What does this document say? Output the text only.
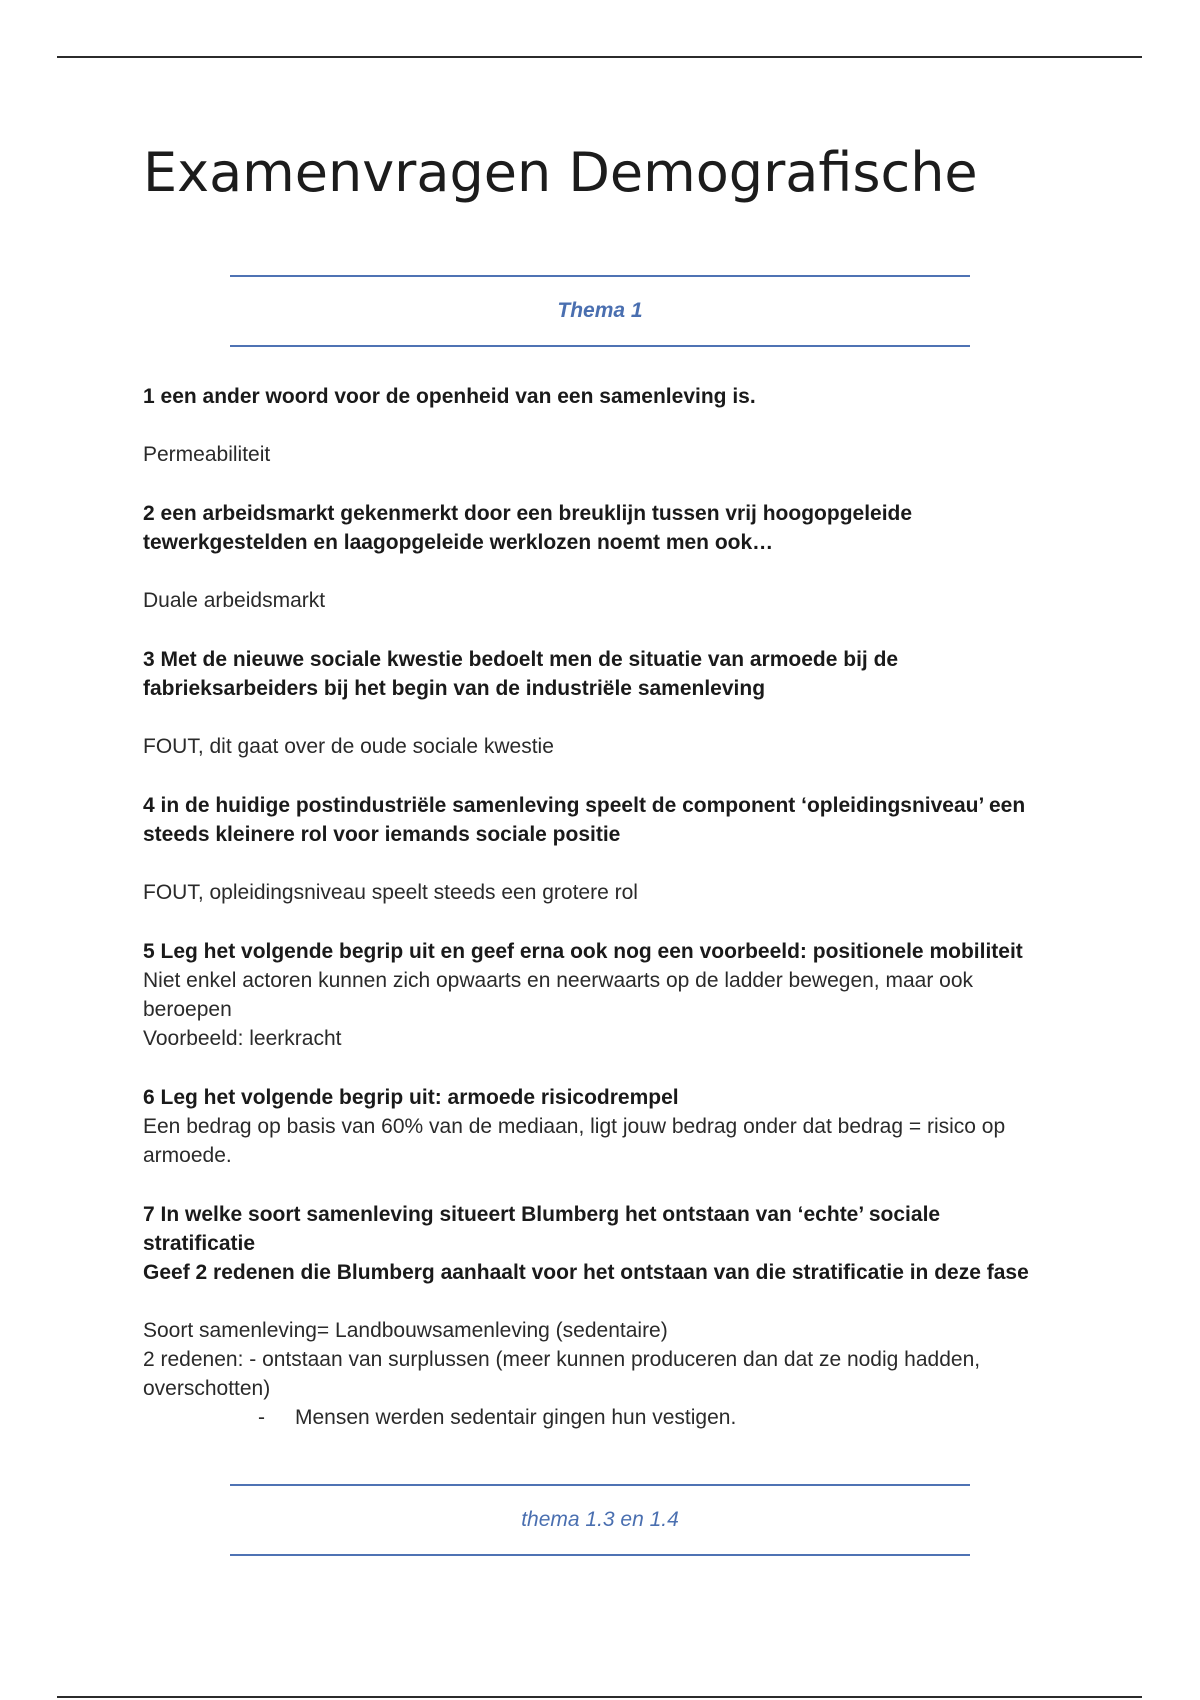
Examenvragen Demografische
Thema 1

1 een ander woord voor de openheid van een samenleving is.

Permeabiliteit

2 een arbeidsmarkt gekenmerkt door een breuklijn tussen vrij hoogopgeleide tewerkgestelden en laagopgeleide werklozen noemt men ook…

Duale arbeidsmarkt

3 Met de nieuwe sociale kwestie bedoelt men de situatie van armoede bij de fabrieksarbeiders bij het begin van de industriële samenleving

FOUT, dit gaat over de oude sociale kwestie

4 in de huidige postindustriële samenleving speelt de component ‘opleidingsniveau’ een steeds kleinere rol voor iemands sociale positie

FOUT, opleidingsniveau speelt steeds een grotere rol

5 Leg het volgende begrip uit en geef erna ook nog een voorbeeld: positionele mobiliteit

Niet enkel actoren kunnen zich opwaarts en neerwaarts op de ladder bewegen, maar ook beroepen
Voorbeeld: leerkracht

6 Leg het volgende begrip uit: armoede risicodrempel

Een bedrag op basis van 60% van de mediaan, ligt jouw bedrag onder dat bedrag = risico op armoede.

7 In welke soort samenleving situeert Blumberg het ontstaan van ‘echte’ sociale stratificatie
Geef 2 redenen die Blumberg aanhaalt voor het ontstaan van die stratificatie in deze fase

Soort samenleving= Landbouwsamenleving (sedentaire)
2 redenen: - ontstaan van surplussen (meer kunnen produceren dan dat ze nodig hadden, overschotten)
- Mensen werden sedentair gingen hun vestigen.

thema 1.3 en 1.4
